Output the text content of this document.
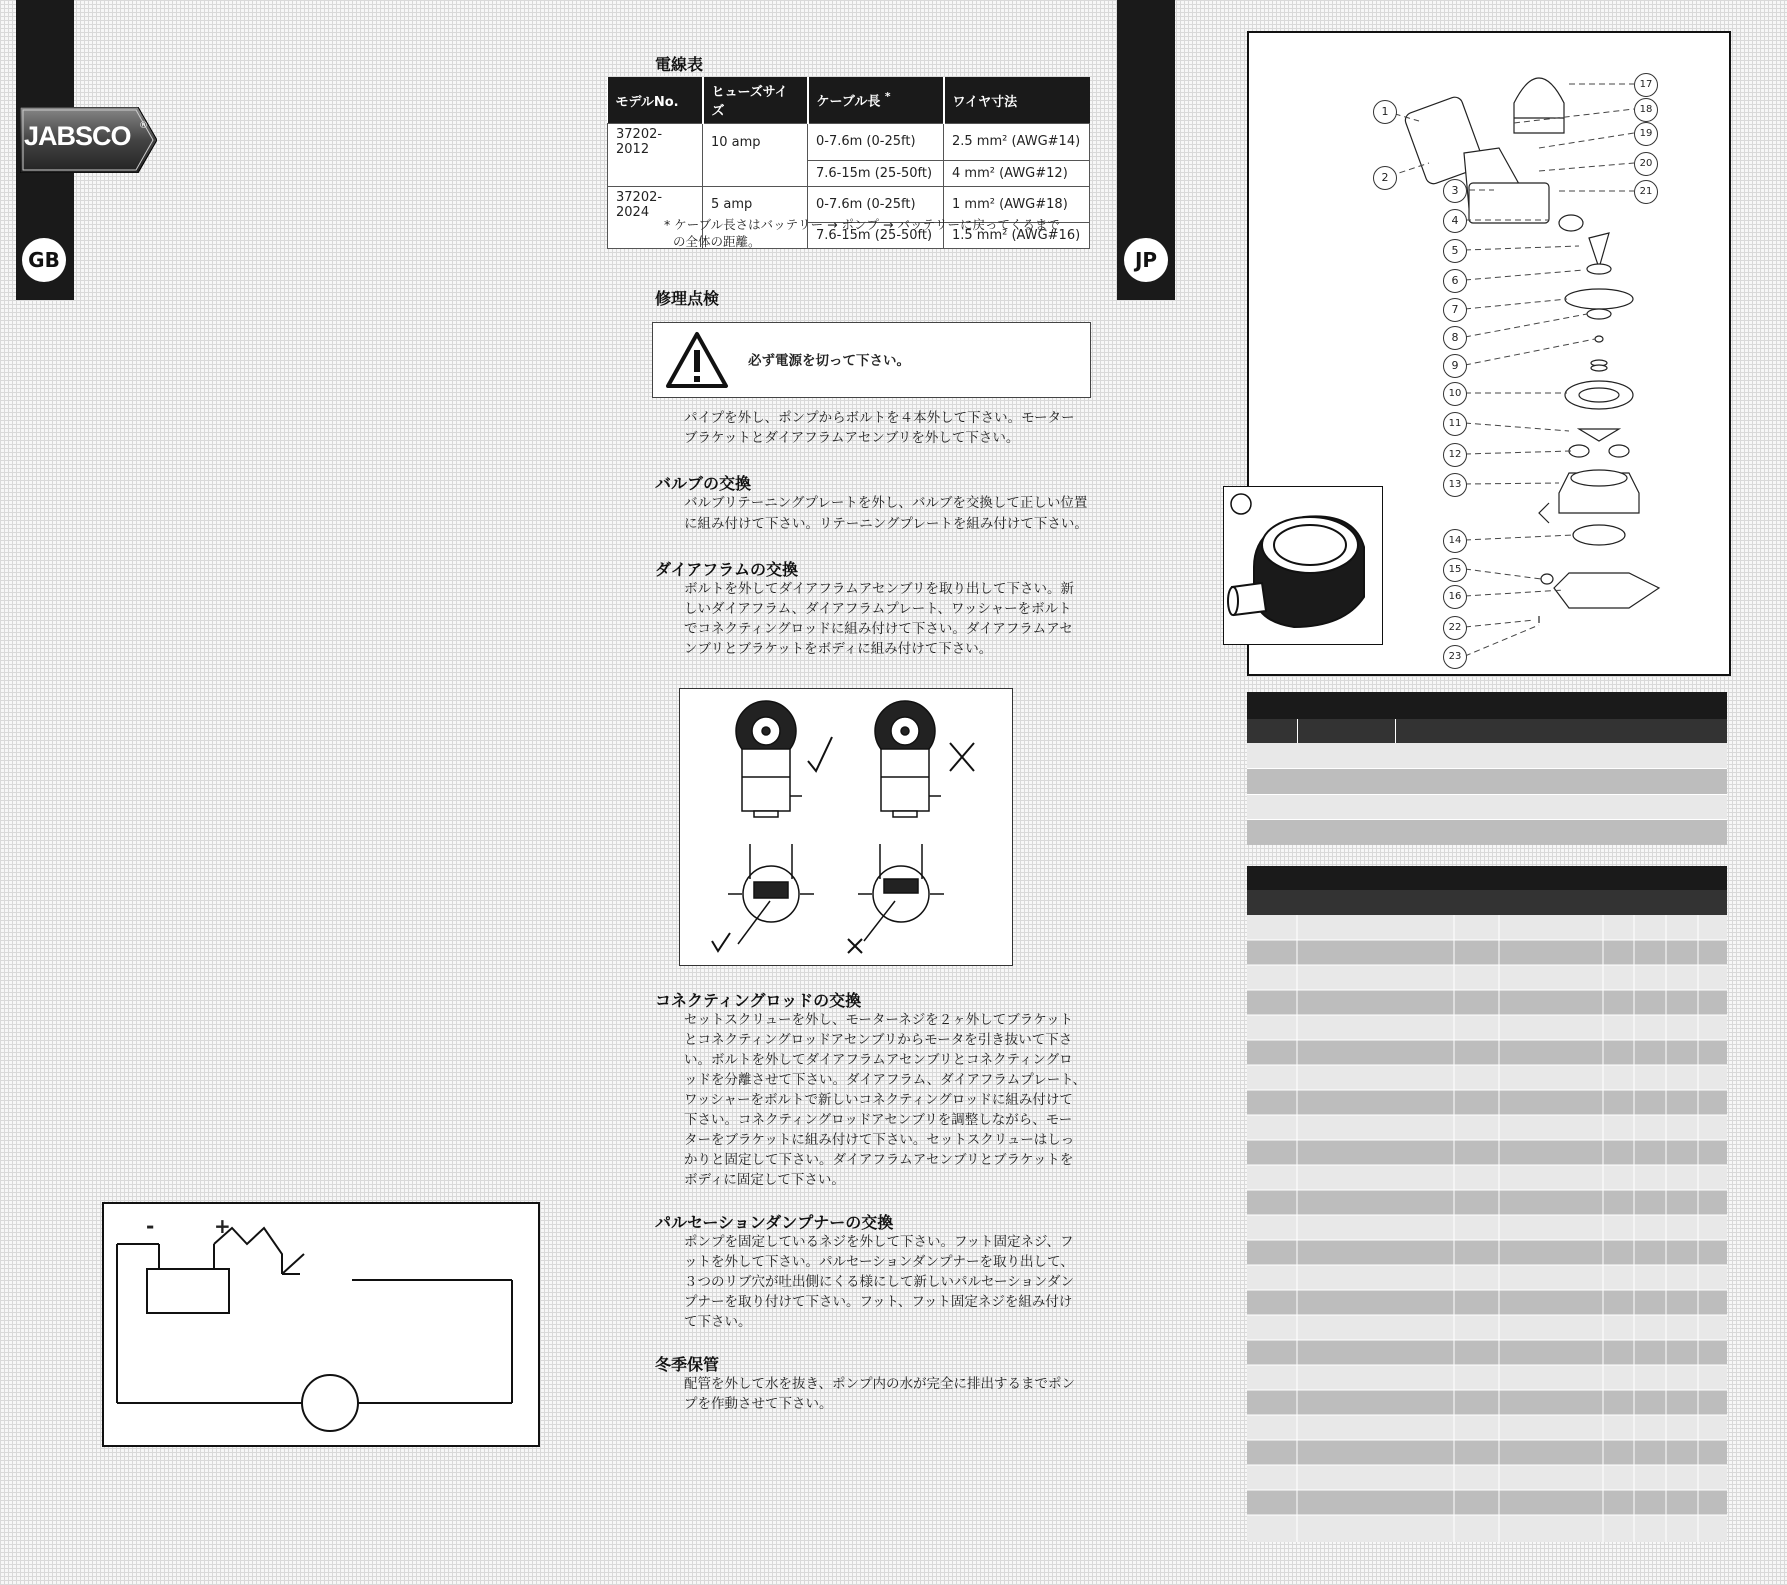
JABSCO ®
GB	JP
電線表
モデルNo.	ヒューズサイズ	ケーブル長 *	ワイヤ寸法
37202-2012	10 amp	0-7.6m (0-25ft)	2.5 mm² (AWG#14)
		7.6-15m (25-50ft)	4 mm² (AWG#12)
37202-2024	5 amp	0-7.6m (0-25ft)	1 mm² (AWG#18)
		7.6-15m (25-50ft)	1.5 mm² (AWG#16)
* ケーブル長さはバッテリー → ポンプ → バッテリーに戻ってくるまで
の全体の距離。
修理点検
必ず電源を切って下さい。
パイプを外し、ポンプからボルトを４本外して下さい。モーター
ブラケットとダイアフラムアセンブリを外して下さい。
バルブの交換
バルブリテーニングプレートを外し、バルブを交換して正しい位置
に組み付けて下さい。リテーニングプレートを組み付けて下さい。
ダイアフラムの交換
ボルトを外してダイアフラムアセンブリを取り出して下さい。新
しいダイアフラム、ダイアフラムプレート、ワッシャーをボルト
でコネクティングロッドに組み付けて下さい。ダイアフラムアセ
ンブリとブラケットをボディに組み付けて下さい。
コネクティングロッドの交換
セットスクリューを外し、モーターネジを２ヶ外してブラケット
とコネクティングロッドアセンブリからモータを引き抜いて下さ
い。ボルトを外してダイアフラムアセンブリとコネクティングロ
ッドを分離させて下さい。ダイアフラム、ダイアフラムプレート、
ワッシャーをボルトで新しいコネクティングロッドに組み付けて
下さい。コネクティングロッドアセンブリを調整しながら、モー
ターをブラケットに組み付けて下さい。セットスクリューはしっ
かりと固定して下さい。ダイアフラムアセンブリとブラケットを
ボディに固定して下さい。
パルセーションダンプナーの交換
ポンプを固定しているネジを外して下さい。フット固定ネジ、フ
ットを外して下さい。パルセーションダンプナーを取り出して、
３つのリブ穴が吐出側にくる様にして新しいパルセーションダン
プナーを取り付けて下さい。フット、フット固定ネジを組み付け
て下さい。
冬季保管
配管を外して水を抜き、ポンプ内の水が完全に排出するまでポン
プを作動させて下さい。
-	+
1
2
3
4
5
6
7
8
9
10
11
12
13
14
15
16
17
18
19
20
21
22
23
